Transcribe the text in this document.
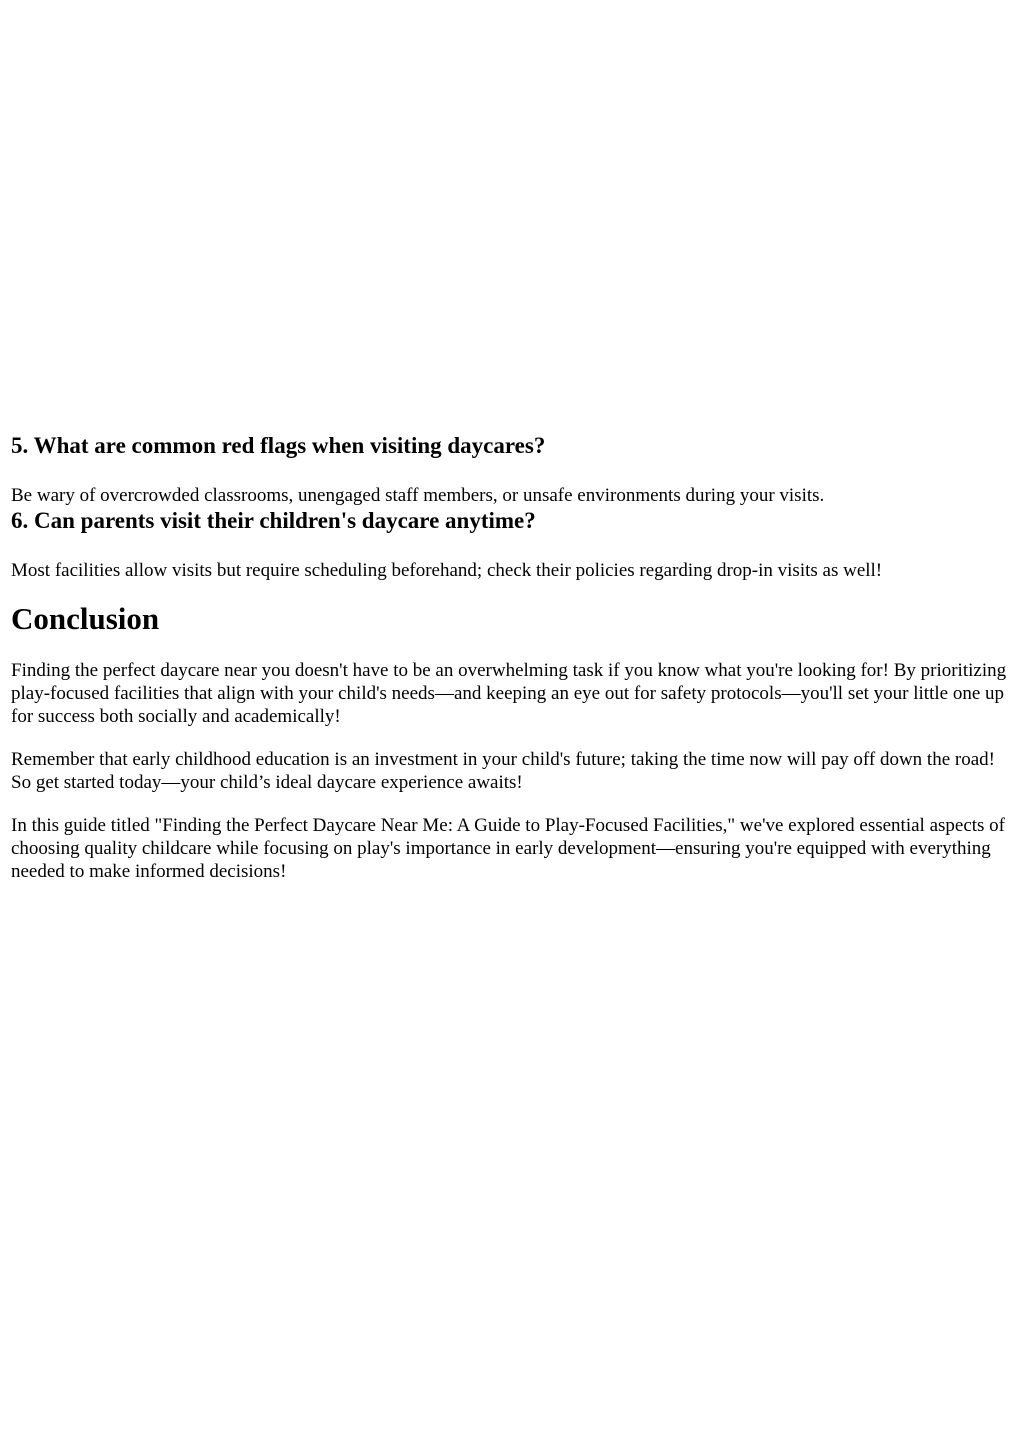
5. What are common red flags when visiting daycares?

Be wary of overcrowded classrooms, unengaged staff members, or unsafe environments during your visits.

6. Can parents visit their children's daycare anytime?

Most facilities allow visits but require scheduling beforehand; check their policies regarding drop-in visits as well!

Conclusion

Finding the perfect daycare near you doesn't have to be an overwhelming task if you know what you're looking for! By prioritizing play-focused facilities that align with your child's needs—and keeping an eye out for safety protocols—you'll set your little one up for success both socially and academically!

Remember that early childhood education is an investment in your child's future; taking the time now will pay off down the road! So get started today—your child’s ideal daycare experience awaits!

In this guide titled "Finding the Perfect Daycare Near Me: A Guide to Play-Focused Facilities," we've explored essential aspects of choosing quality childcare while focusing on play's importance in early development—ensuring you're equipped with everything needed to make informed decisions!
